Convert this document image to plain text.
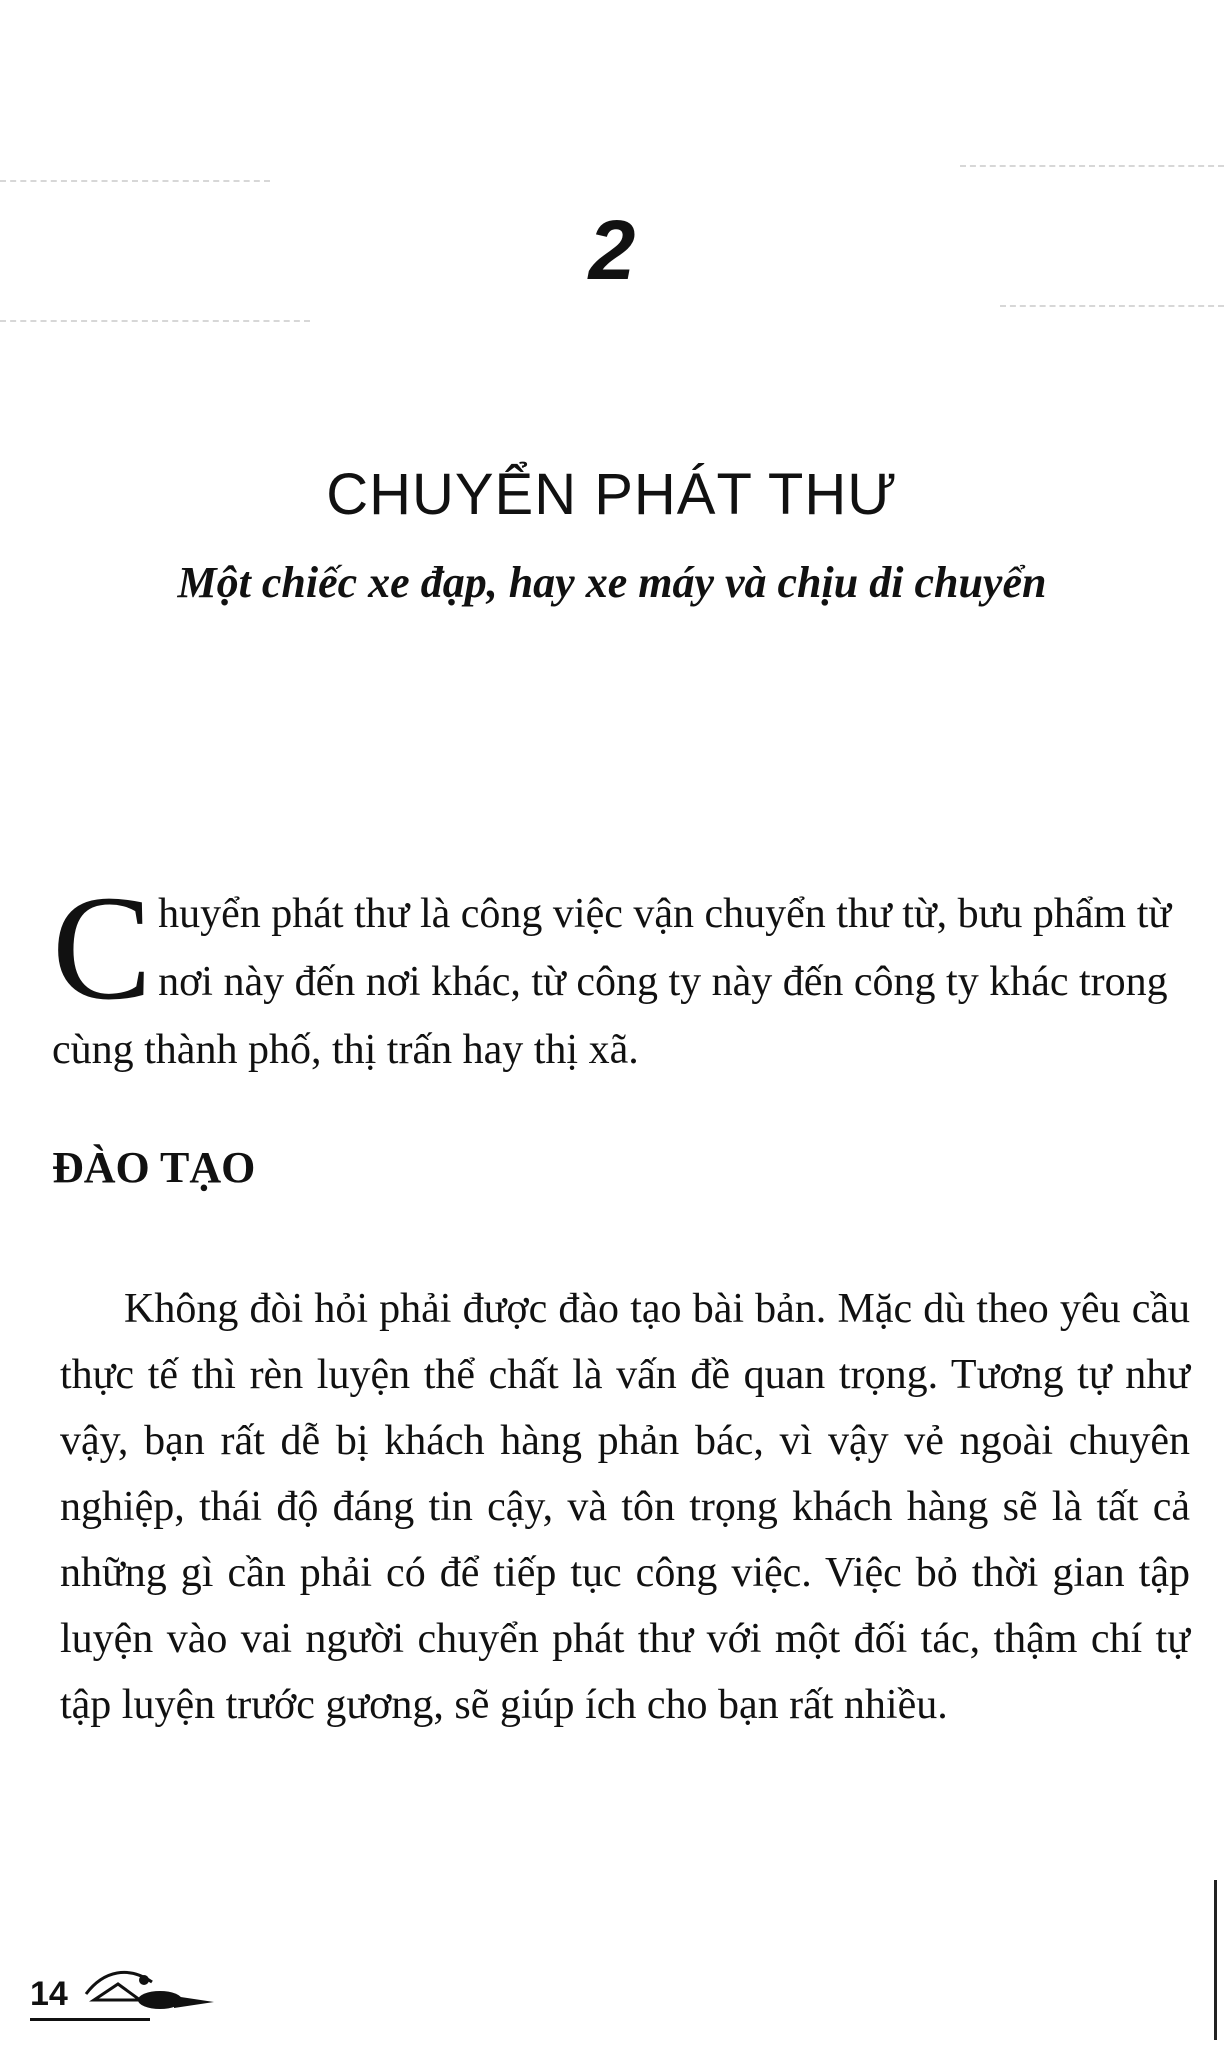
2
CHUYỂN PHÁT THƯ
Một chiếc xe đạp, hay xe máy và chịu di chuyển

Chuyển phát thư là công việc vận chuyển thư từ, bưu phẩm từ nơi này đến nơi khác, từ công ty này đến công ty khác trong cùng thành phố, thị trấn hay thị xã.

ĐÀO TẠO

Không đòi hỏi phải được đào tạo bài bản. Mặc dù theo yêu cầu thực tế thì rèn luyện thể chất là vấn đề quan trọng. Tương tự như vậy, bạn rất dễ bị khách hàng phản bác, vì vậy vẻ ngoài chuyên nghiệp, thái độ đáng tin cậy, và tôn trọng khách hàng sẽ là tất cả những gì cần phải có để tiếp tục công việc. Việc bỏ thời gian tập luyện vào vai người chuyển phát thư với một đối tác, thậm chí tự tập luyện trước gương, sẽ giúp ích cho bạn rất nhiều.

14
